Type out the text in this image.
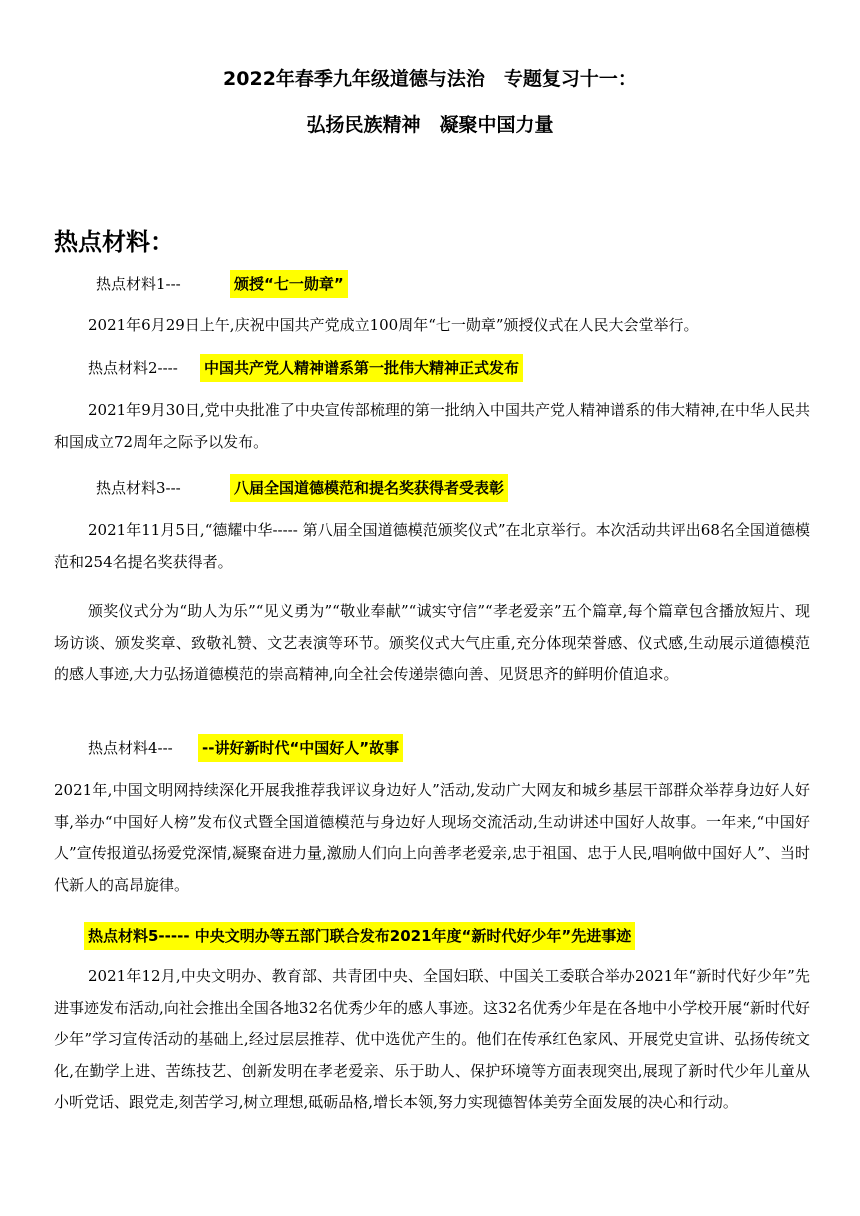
2022年春季九年级道德与法治　专题复习十一：
弘扬民族精神　凝聚中国力量
热点材料：
热点材料1---	颁授“七一勋章”
2021年6月29日上午,庆祝中国共产党成立100周年“七一勋章”颁授仪式在人民大会堂举行。
热点材料2---- 中国共产党人精神谱系第一批伟大精神正式发布
2021年9月30日,党中央批准了中央宣传部梳理的第一批纳入中国共产党人精神谱系的伟大精神,在中华人民共和国成立72周年之际予以发布。
热点材料3---	八届全国道德模范和提名奖获得者受表彰
2021年11月5日,“德耀中华----- 第八届全国道德模范颁奖仪式”在北京举行。本次活动共评出68名全国道德模范和254名提名奖获得者。
颁奖仪式分为“助人为乐”“见义勇为”“敬业奉献”“诚实守信”“孝老爱亲”五个篇章,每个篇章包含播放短片、现场访谈、颁发奖章、致敬礼赞、文艺表演等环节。颁奖仪式大气庄重,充分体现荣誉感、仪式感,生动展示道德模范的感人事迹,大力弘扬道德模范的崇高精神,向全社会传递崇德向善、见贤思齐的鲜明价值追求。
热点材料4--- --讲好新时代“中国好人”故事
2021年,中国文明网持续深化开展我推荐我评议身边好人”活动,发动广大网友和城乡基层干部群众举荐身边好人好事,举办“中国好人榜”发布仪式暨全国道德模范与身边好人现场交流活动,生动讲述中国好人故事。一年来,“中国好人”宣传报道弘扬爱党深情,凝聚奋进力量,激励人们向上向善孝老爱亲,忠于祖国、忠于人民,唱响做中国好人”、当时代新人的高昂旋律。
热点材料5----- 中央文明办等五部门联合发布2021年度“新时代好少年”先进事迹
2021年12月,中央文明办、教育部、共青团中央、全国妇联、中国关工委联合举办2021年“新时代好少年”先进事迹发布活动,向社会推出全国各地32名优秀少年的感人事迹。这32名优秀少年是在各地中小学校开展“新时代好少年”学习宣传活动的基础上,经过层层推荐、优中选优产生的。他们在传承红色家风、开展党史宣讲、弘扬传统文化,在勤学上进、苦练技艺、创新发明在孝老爱亲、乐于助人、保护环境等方面表现突出,展现了新时代少年儿童从小听党话、跟党走,刻苦学习,树立理想,砥砺品格,增长本领,努力实现德智体美劳全面发展的决心和行动。
